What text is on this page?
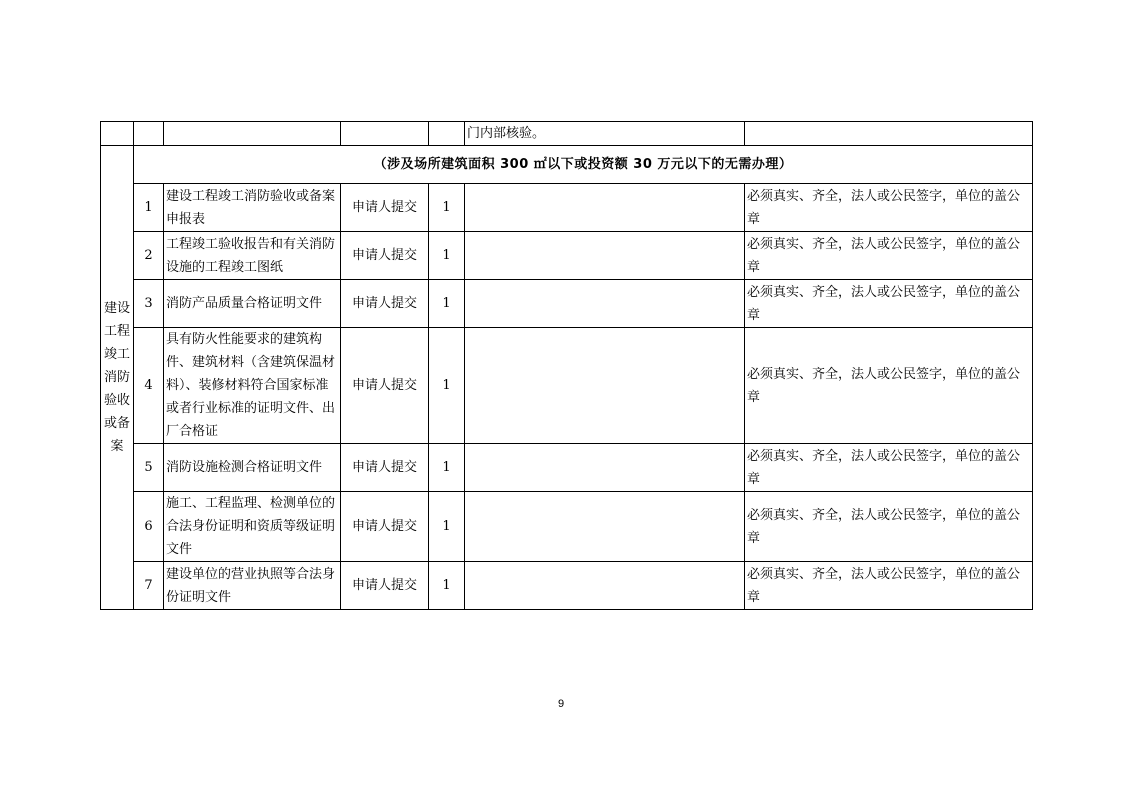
					门内部核验。	
建设工程竣工消防验收或备案	（涉及场所建筑面积 300 ㎡以下或投资额 30 万元以下的无需办理）					
	1	建设工程竣工消防验收或备案申报表	申请人提交	1		必须真实、齐全，法人或公民签字，单位的盖公章
	2	工程竣工验收报告和有关消防设施的工程竣工图纸	申请人提交	1		必须真实、齐全，法人或公民签字，单位的盖公章
	3	消防产品质量合格证明文件	申请人提交	1		必须真实、齐全，法人或公民签字，单位的盖公章
	4	具有防火性能要求的建筑构件、建筑材料（含建筑保温材料）、装修材料符合国家标准或者行业标准的证明文件、出厂合格证	申请人提交	1		必须真实、齐全，法人或公民签字，单位的盖公章
	5	消防设施检测合格证明文件	申请人提交	1		必须真实、齐全，法人或公民签字，单位的盖公章
	6	施工、工程监理、检测单位的合法身份证明和资质等级证明文件	申请人提交	1		必须真实、齐全，法人或公民签字，单位的盖公章
	7	建设单位的营业执照等合法身份证明文件	申请人提交	1		必须真实、齐全，法人或公民签字，单位的盖公章
9
